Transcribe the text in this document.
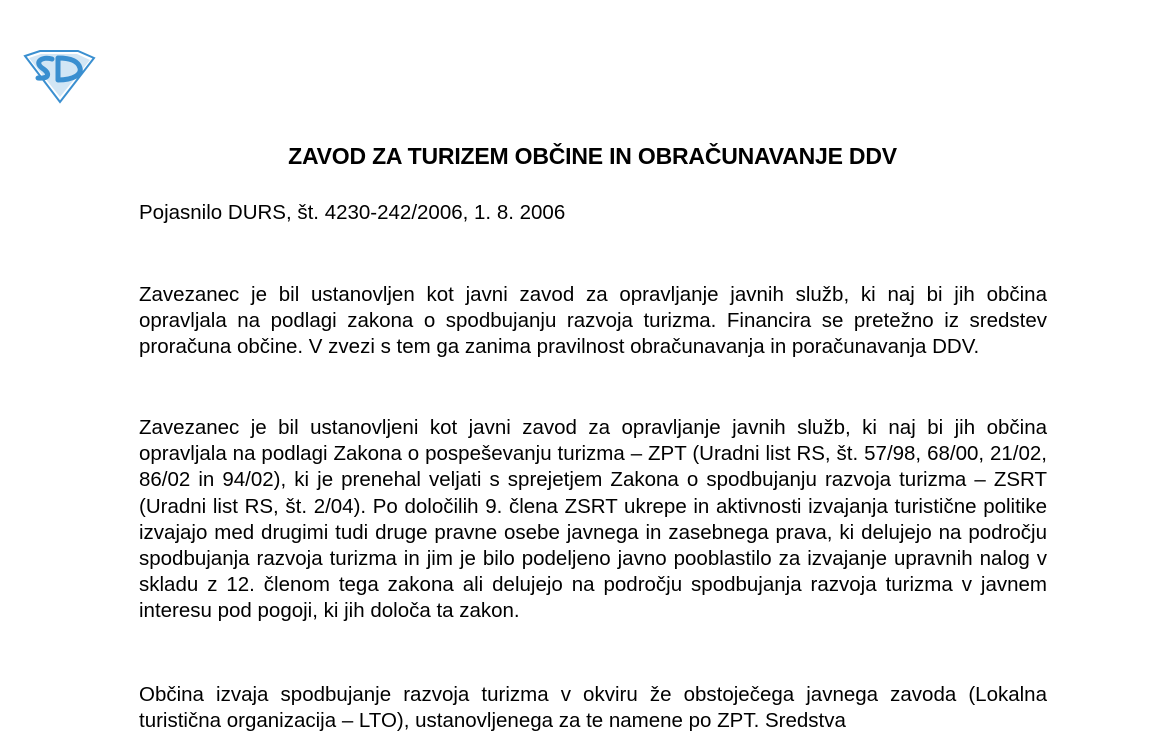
ZAVOD ZA TURIZEM OBČINE IN OBRAČUNAVANJE DDV

Pojasnilo DURS, št. 4230-242/2006, 1. 8. 2006

Zavezanec je bil ustanovljen kot javni zavod za opravljanje javnih služb, ki naj bi jih občina opravljala na podlagi zakona o spodbujanju razvoja turizma. Financira se pretežno iz sredstev proračuna občine. V zvezi s tem ga zanima pravilnost obračunavanja in poračunavanja DDV.

Zavezanec je bil ustanovljeni kot javni zavod za opravljanje javnih služb, ki naj bi jih občina opravljala na podlagi Zakona o pospeševanju turizma – ZPT (Uradni list RS, št. 57/98, 68/00, 21/02, 86/02 in 94/02), ki je prenehal veljati s sprejetjem Zakona o spodbujanju razvoja turizma – ZSRT (Uradni list RS, št. 2/04). Po določilih 9. člena ZSRT ukrepe in aktivnosti izvajanja turistične politike izvajajo med drugimi tudi druge pravne osebe javnega in zasebnega prava, ki delujejo na področju spodbujanja razvoja turizma in jim je bilo podeljeno javno pooblastilo za izvajanje upravnih nalog v skladu z 12. členom tega zakona ali delujejo na področju spodbujanja razvoja turizma v javnem interesu pod pogoji, ki jih določa ta zakon.

Občina izvaja spodbujanje razvoja turizma v okviru že obstoječega javnega zavoda (Lokalna turistična organizacija – LTO), ustanovljenega za te namene po ZPT. Sredstva
